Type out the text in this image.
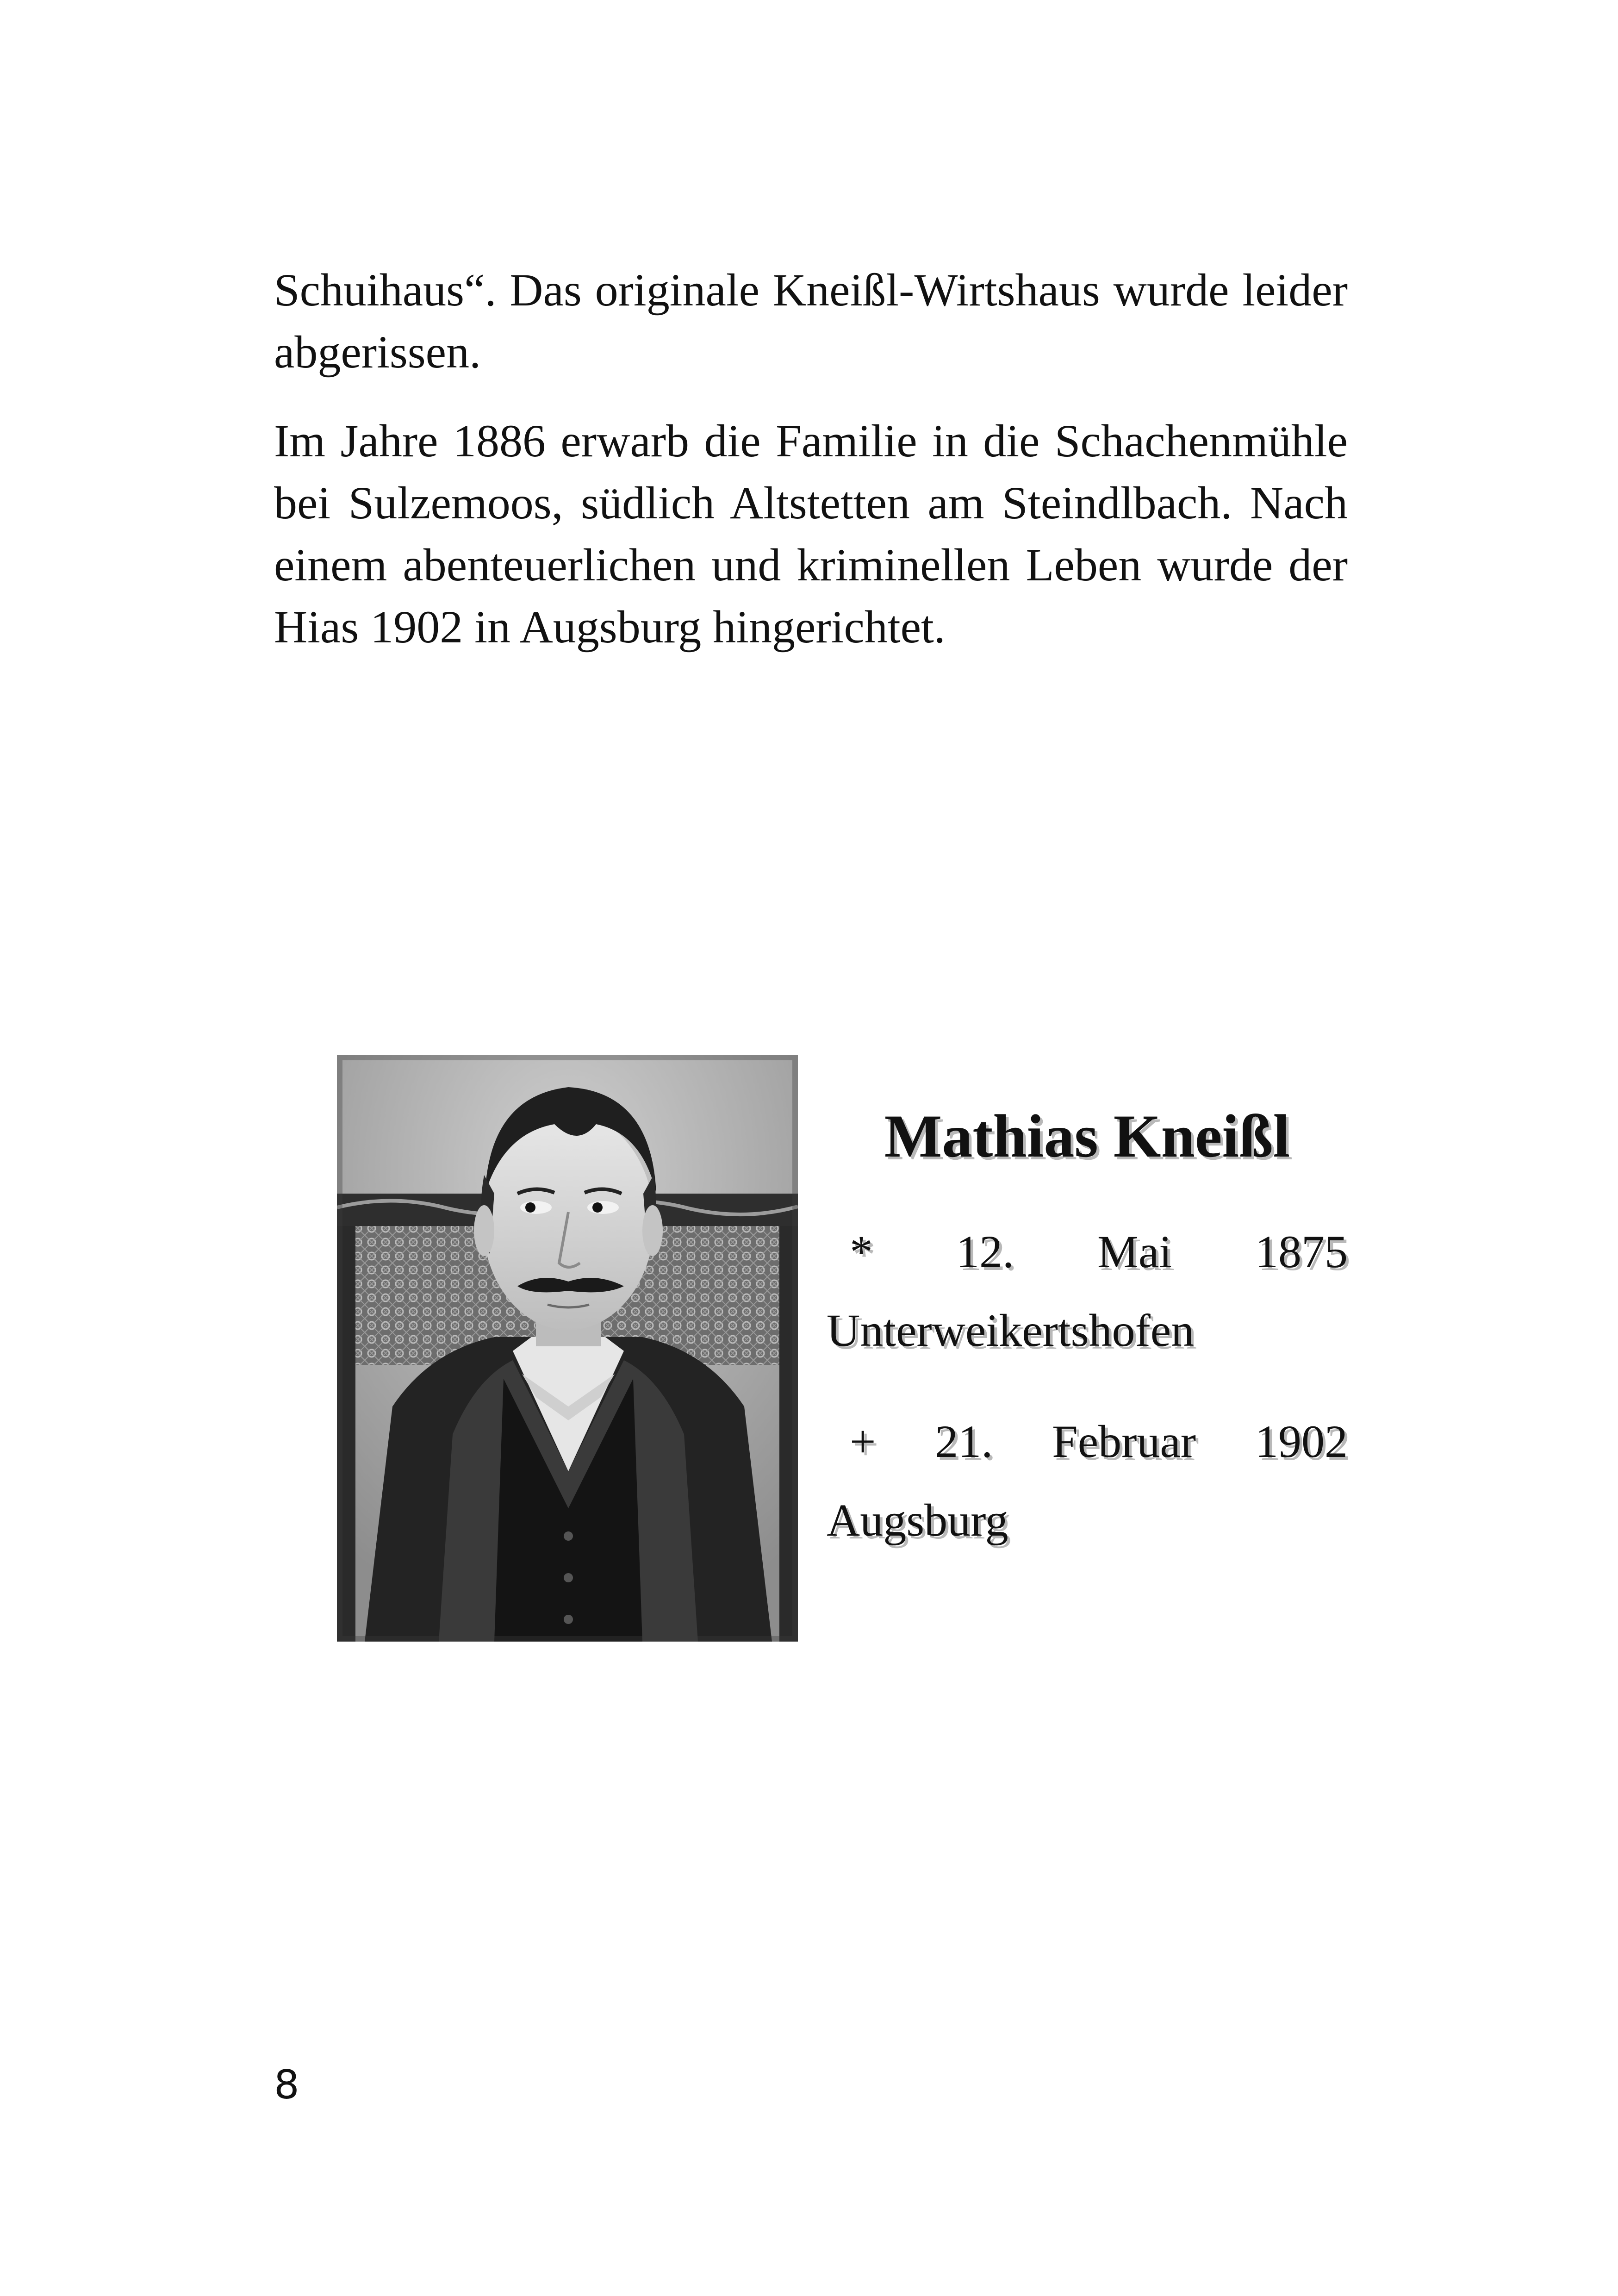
Schuihaus“. Das originale Kneißl-Wirtshaus wurde leider abgerissen.

Im Jahre 1886 erwarb die Familie in die Schachenmühle bei Sulzemoos, südlich Altstetten am Steindlbach. Nach einem abenteuerlichen und kriminellen Leben wurde der Hias 1902 in Augsburg hingerichtet.

Mathias Kneißl
* 12. Mai 1875
Unterweikertshofen
+ 21. Februar 1902
Augsburg
8
